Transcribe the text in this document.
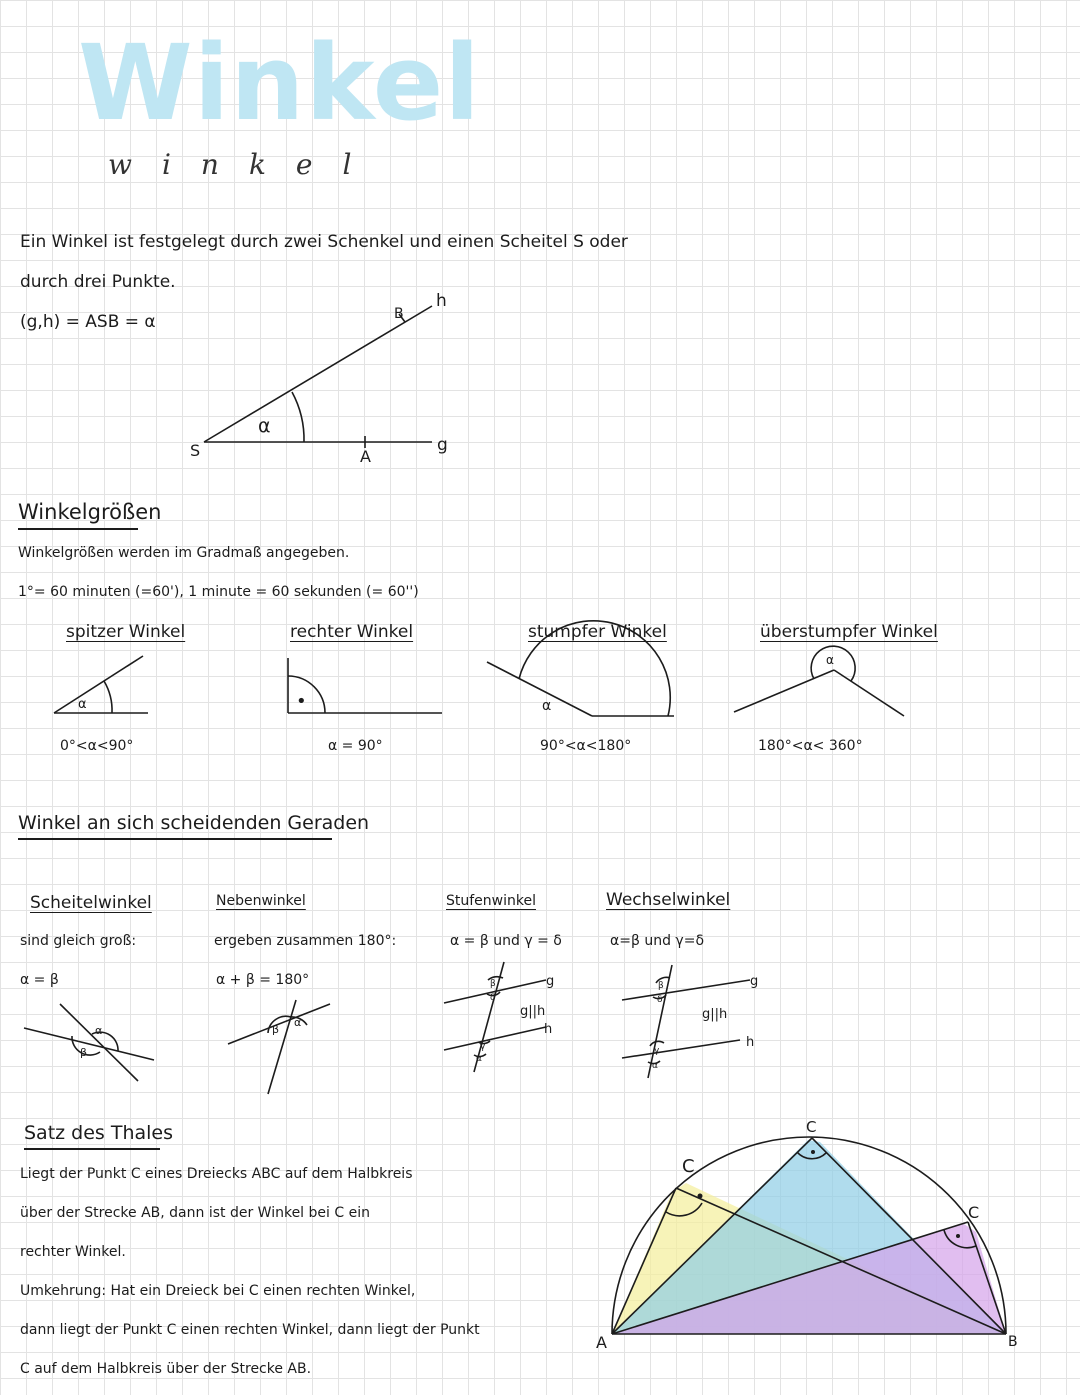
Winkel
winkel
Ein Winkel ist festgelegt durch zwei Schenkel und einen Scheitel S oder
durch drei Punkte.
(g,h) = ASB = α
S	A
B
g
h
α
Winkelgrößen
Winkelgrößen werden im Gradmaß angegeben.
1°= 60 minuten (=60'), 1 minute = 60 sekunden (= 60'')
spitzer Winkel	rechter Winkel	stumpfer Winkel	überstumpfer Winkel
α	•	α
α
0°<α<90°	α = 90°	90°<α<180°	180°<α< 360°
Winkel an sich scheidenden Geraden
Scheitelwinkel
sind gleich groß:
α = β
Nebenwinkel
ergeben zusammen 180°:
α + β = 180°
Stufenwinkel
α = β und γ = δ
Wechselwinkel
α=β und γ=δ
α
β
β
α
g
h
g||h
β
δ
γ
α
g
h
g||h
β
δ
γ
α
Satz des Thales
Liegt der Punkt C eines Dreiecks ABC auf dem Halbkreis
über der Strecke AB, dann ist der Winkel bei C ein
rechter Winkel.
Umkehrung: Hat ein Dreieck bei C einen rechten Winkel,
dann liegt der Punkt C einen rechten Winkel, dann liegt der Punkt
C auf dem Halbkreis über der Strecke AB.
A	B
C
C
C
